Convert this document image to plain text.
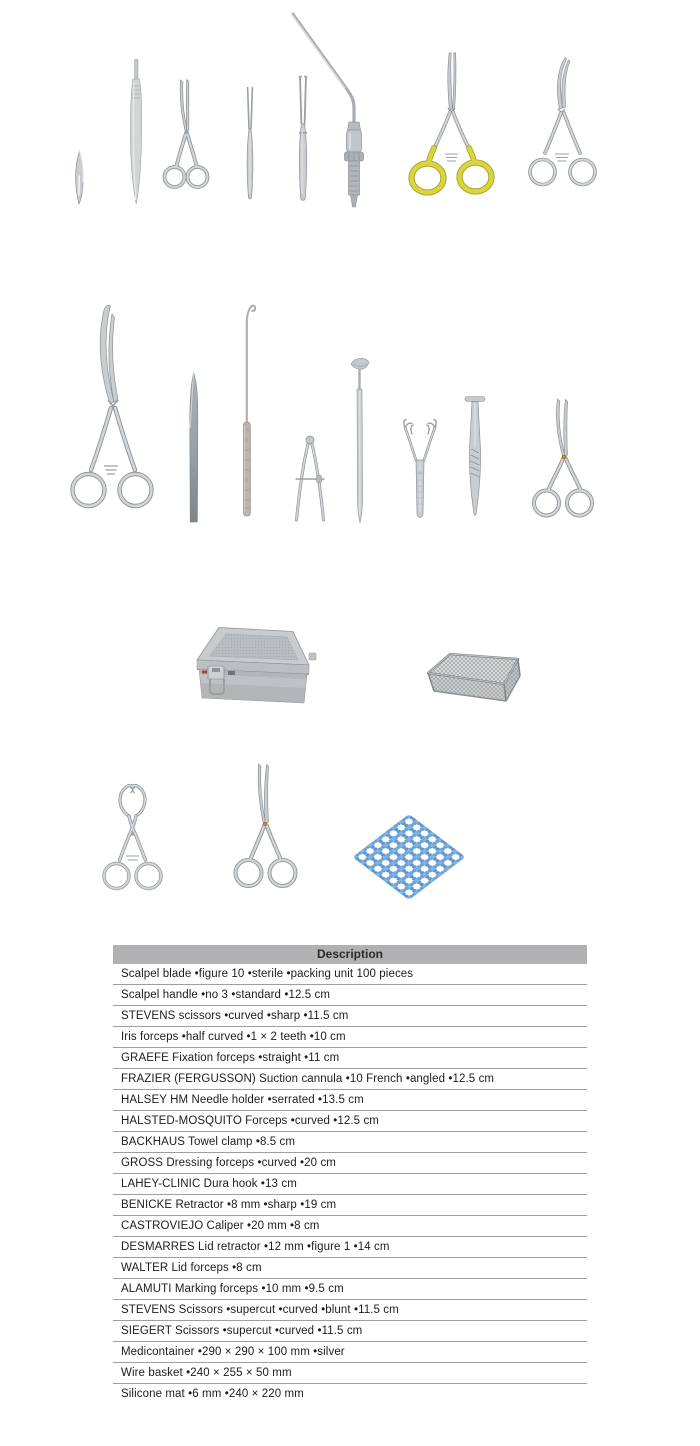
Description
Scalpel blade •figure 10 •sterile •packing unit 100 pieces
Scalpel handle •no 3 •standard •12.5 cm
STEVENS scissors •curved •sharp •11.5 cm
Iris forceps •half curved •1 × 2 teeth •10 cm
GRAEFE Fixation forceps •straight •11 cm
FRAZIER (FERGUSSON) Suction cannula •10 French •angled •12.5 cm
HALSEY HM Needle holder •serrated •13.5 cm
HALSTED-MOSQUITO Forceps •curved •12.5 cm
BACKHAUS Towel clamp •8.5 cm
GROSS Dressing forceps •curved •20 cm
LAHEY-CLINIC Dura hook •13 cm
BENICKE Retractor •8 mm •sharp •19 cm
CASTROVIEJO Caliper •20 mm •8 cm
DESMARRES Lid retractor •12 mm •figure 1 •14 cm
WALTER Lid forceps •8 cm
ALAMUTI Marking forceps •10 mm •9.5 cm
STEVENS Scissors •supercut •curved •blunt •11.5 cm
SIEGERT Scissors •supercut •curved •11.5 cm
Medicontainer •290 × 290 × 100 mm •silver
Wire basket •240 × 255 × 50 mm
Silicone mat •6 mm •240 × 220 mm
